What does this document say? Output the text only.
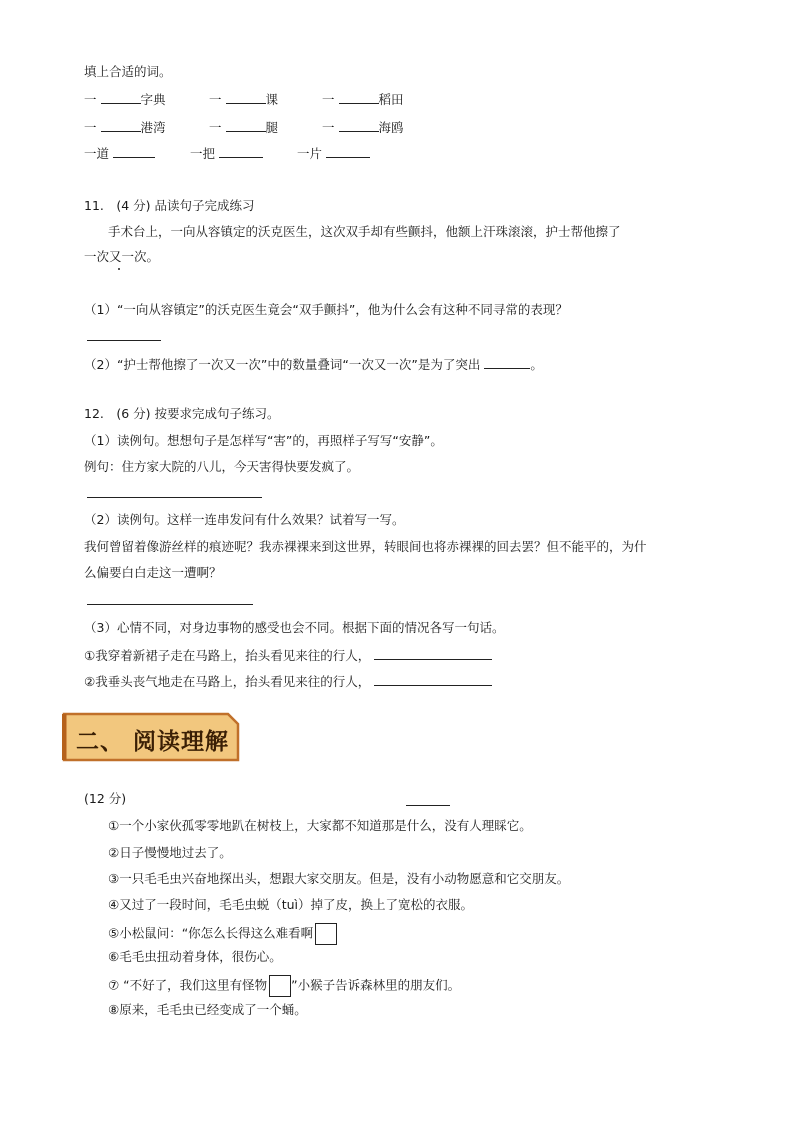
填上合适的词。
一	字典	一	课	一	稻田
一	港湾	一	腿	一	海鸥
一道	一把	一片
11.　(4 分) 品读句子完成练习
手术台上，一向从容镇定的沃克医生，这次双手却有些颤抖，他额上汗珠滚滚，护士帮他擦了
一次又一次。
（1）“一向从容镇定”的沃克医生竟会“双手颤抖”，他为什么会有这种不同寻常的表现？
（2）“护士帮他擦了一次又一次”中的数量叠词“一次又一次”是为了突出	。
12.　(6 分) 按要求完成句子练习。
（1）读例句。想想句子是怎样写“害”的，再照样子写写“安静”。
例句：住方家大院的八儿，今天害得快要发疯了。
（2）读例句。这样一连串发问有什么效果？试着写一写。
我何曾留着像游丝样的痕迹呢？我赤裸裸来到这世界，转眼间也将赤裸裸的回去罢？但不能平的，为什
么偏要白白走这一遭啊？
（3）心情不同，对身边事物的感受也会不同。根据下面的情况各写一句话。
①我穿着新裙子走在马路上，抬头看见来往的行人，
②我垂头丧气地走在马路上，抬头看见来往的行人，
二、 阅读理解
(12 分)
①一个小家伙孤零零地趴在树枝上，大家都不知道那是什么，没有人理睬它。
②日子慢慢地过去了。
③一只毛毛虫兴奋地探出头，想跟大家交朋友。但是，没有小动物愿意和它交朋友。
④又过了一段时间，毛毛虫蜕（tuì）掉了皮，换上了宽松的衣服。
⑤小松鼠问：“你怎么长得这么难看啊
⑥毛毛虫扭动着身体，很伤心。
⑦ “不好了，我们这里有怪物 ”小猴子告诉森林里的朋友们。
⑧原来，毛毛虫已经变成了一个蛹。
